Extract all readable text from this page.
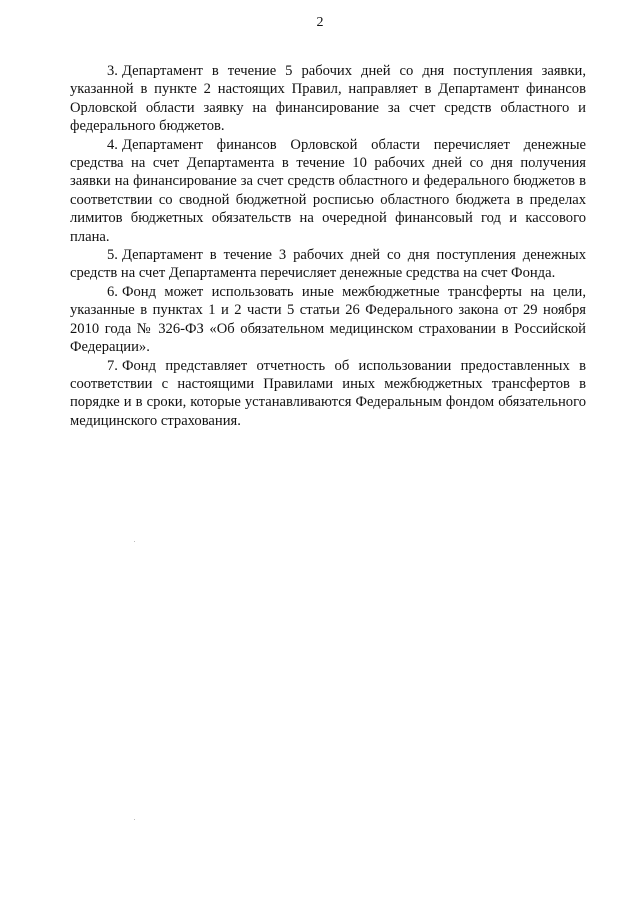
2

3. Департамент в течение 5 рабочих дней со дня поступления заявки, указанной в пункте 2 настоящих Правил, направляет в Департамент финансов Орловской области заявку на финансирование за счет средств областного и федерального бюджетов.

4. Департамент финансов Орловской области перечисляет денежные средства на счет Департамента в течение 10 рабочих дней со дня получения заявки на финансирование за счет средств областного и федерального бюджетов в соответствии со сводной бюджетной росписью областного бюджета в пределах лимитов бюджетных обязательств на очередной финансовый год и кассового плана.

5. Департамент в течение 3 рабочих дней со дня поступления денежных средств на счет Департамента перечисляет денежные средства на счет Фонда.

6. Фонд может использовать иные межбюджетные трансферты на цели, указанные в пунктах 1 и 2 части 5 статьи 26 Федерального закона от 29 ноября 2010 года № 326-ФЗ «Об обязательном медицинском страховании в Российской Федерации».

7. Фонд представляет отчетность об использовании предоставленных в соответствии с настоящими Правилами иных межбюджетных трансфертов в порядке и в сроки, которые устанавливаются Федеральным фондом обязательного медицинского страхования.
